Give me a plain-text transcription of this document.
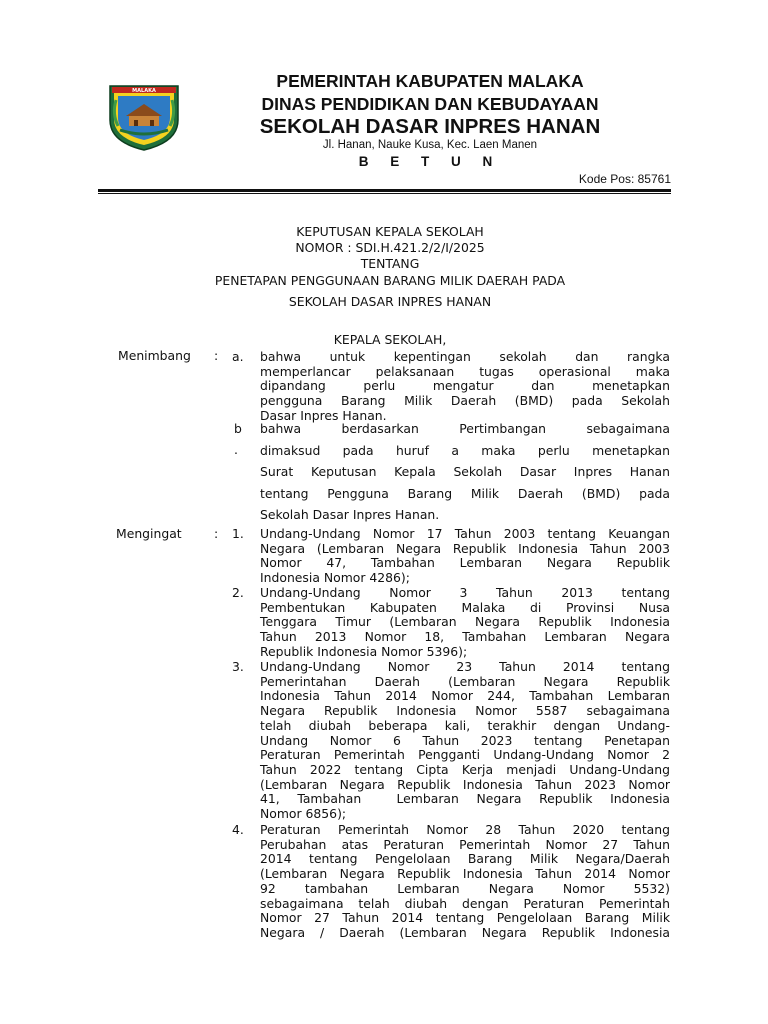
MALAKA	PEMERINTAH KABUPATEN MALAKA
DINAS PENDIDIKAN DAN KEBUDAYAAN
SEKOLAH DASAR INPRES HANAN
Jl. Hanan, Nauke Kusa, Kec. Laen Manen
B E T U N
Kode Pos: 85761
KEPUTUSAN KEPALA SEKOLAH
NOMOR : SDI.H.421.2/2/I/2025
TENTANG
PENETAPAN PENGGUNAAN BARANG MILIK DAERAH PADA
SEKOLAH DASAR INPRES HANAN
KEPALA SEKOLAH,
Menimbang : a. bahwa untuk kepentingan sekolah dan rangka
memperlancar pelaksanaan tugas operasional maka
dipandang perlu mengatur dan menetapkan
pengguna Barang Milik Daerah (BMD) pada Sekolah
Dasar Inpres Hanan.
b
.
bahwa berdasarkan Pertimbangan sebagaimana
dimaksud pada huruf a maka perlu menetapkan
Surat Keputusan Kepala Sekolah Dasar Inpres Hanan
tentang Pengguna Barang Milik Daerah (BMD) pada
Sekolah Dasar Inpres Hanan.
Mengingat	: 1. Undang-Undang Nomor 17 Tahun 2003 tentang Keuangan
Negara (Lembaran Negara Republik Indonesia Tahun 2003
Nomor 47, Tambahan Lembaran Negara Republik
Indonesia Nomor 4286);
2. Undang-Undang Nomor 3 Tahun 2013 tentang
Pembentukan Kabupaten Malaka di Provinsi Nusa
Tenggara Timur (Lembaran Negara Republik Indonesia
Tahun 2013 Nomor 18, Tambahan Lembaran Negara
Republik Indonesia Nomor 5396);
3. Undang-Undang Nomor 23 Tahun 2014 tentang
Pemerintahan Daerah (Lembaran Negara Republik
Indonesia Tahun 2014 Nomor 244, Tambahan Lembaran
Negara Republik Indonesia Nomor 5587 sebagaimana
telah diubah beberapa kali, terakhir dengan Undang-
Undang Nomor 6 Tahun 2023 tentang Penetapan
Peraturan Pemerintah Pengganti Undang-Undang Nomor 2
Tahun 2022 tentang Cipta Kerja menjadi Undang-Undang
(Lembaran Negara Republik Indonesia Tahun 2023 Nomor
41, Tambahan  Lembaran Negara Republik Indonesia
Nomor 6856);
4. Peraturan Pemerintah Nomor 28 Tahun 2020 tentang
Perubahan atas Peraturan Pemerintah Nomor 27 Tahun
2014 tentang Pengelolaan Barang Milik Negara/Daerah
(Lembaran Negara Republik Indonesia Tahun 2014 Nomor
92 tambahan Lembaran Negara Nomor 5532)
sebagaimana telah diubah dengan Peraturan Pemerintah
Nomor 27 Tahun 2014 tentang Pengelolaan Barang Milik
Negara / Daerah (Lembaran Negara Republik Indonesia
